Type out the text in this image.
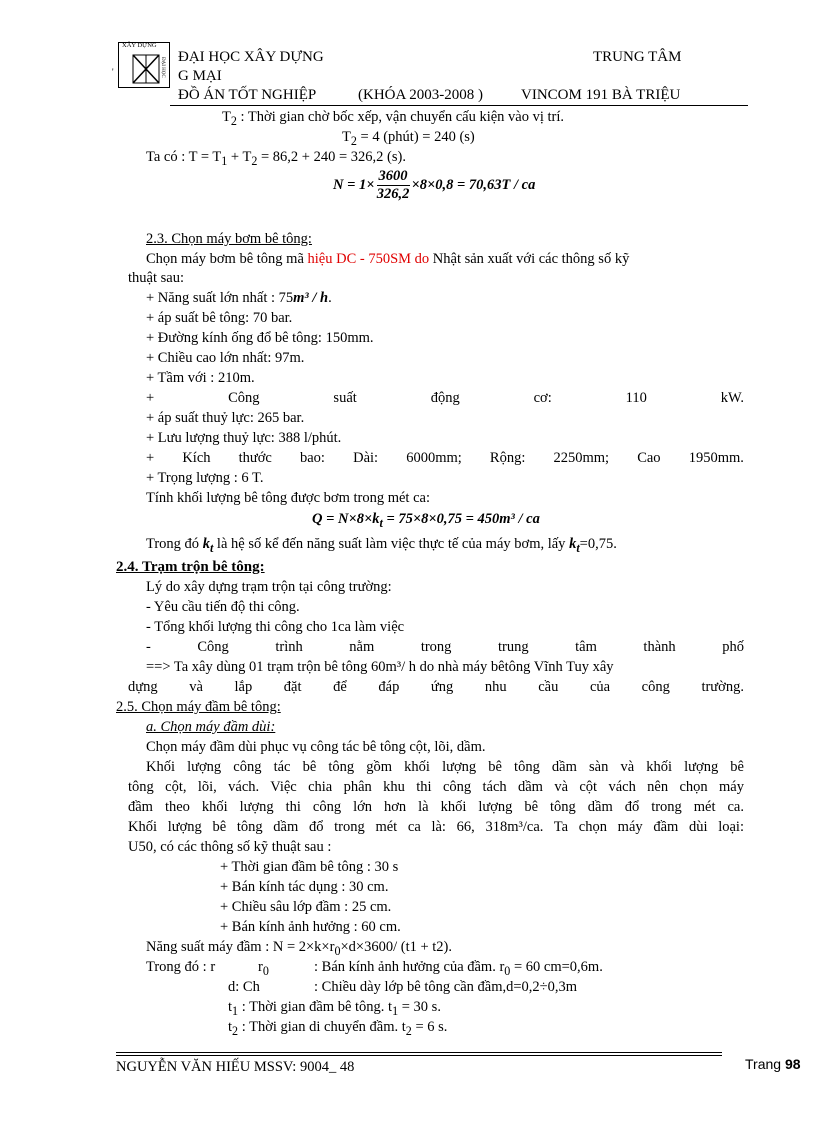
XÂY DỰNG
ĐẠI HỌC
'
ĐẠI HỌC XÂY DỰNG	TRUNG TÂM
G MẠI
ĐỒ ÁN TỐT NGHIỆP	(KHÓA 2003-2008 )	VINCOM 191 BÀ TRIỆU
$T_2$ : Thời gian chờ bốc xếp, vận chuyển cấu kiện vào vị trí.
$T_2 = 4$ (phút) = 240 (s)
Ta có : $T = T_1 + T_2 = 86,2 + 240 = 326,2$ (s).
$N = 1\times \frac{3600}{326,2} \times 8\times 0,8 = 70,63T$ / ca
2.3. Chọn máy bơm bê tông:
Chọn máy bơm bê tông mã hiệu DC - 750SM do Nhật sản xuất với các thông số kỹ
thuật sau:
+ Năng suất lớn nhất : 75m³ / h.
+ áp suất bê tông: 70 bar.
+ Đường kính ống đổ bê tông: 150mm.
+ Chiều cao lớn nhất: 97m.
+ Tầm với : 210m.
+	Công	suất	động	cơ:	110	kW.
+ áp suất thuỷ lực: 265 bar.
+ Lưu lượng thuỷ lực: 388 l/phút.
+ Kích thước bao: Dài: 6000mm; Rộng: 2250mm; Cao 1950mm.
+ Trọng lượng : 6 T.
Tính khối lượng bê tông được bơm trong mét ca:
$Q = N\times 8\times k_t = 75\times 8\times 0,75 = 450m^3$ / ca
Trong đó $k_t$ là hệ số kể đến năng suất làm việc thực tế của máy bơm, lấy $k_t=0,75$.
2.4. Trạm trộn bê tông:
Lý do xây dựng trạm trộn tại công trường:
- Yêu cầu tiến độ thi công.
- Tổng khối lượng thi công cho 1ca làm việc
-	Công	trình	nằm	trong	trung	tâm	thành	phố
==> Ta xây dùng 01 trạm trộn bê tông 60m³/ h do nhà máy bêtông Vĩnh Tuy xây
dựng và lắp đặt để đáp ứng nhu cầu của công trường.
2.5. Chọn máy đầm bê tông:
a. Chọn máy đầm dùi:
Chọn máy đầm dùi phục vụ công tác bê tông cột, lõi, dầm.
Khối lượng công tác bê tông gồm khối lượng bê tông dầm sàn và khối lượng bê
tông cột, lõi, vách. Việc chia phân khu thi công tách dầm và cột vách nên chọn máy
đầm theo khối lượng thi công lớn hơn là khối lượng bê tông dầm đổ trong mét ca.
Khối lượng bê tông dầm đổ trong mét ca là: 66, 318m³/ca. Ta chọn máy đầm dùi loại:
U50, có các thông số kỹ thuật sau :
+ Thời gian đầm bê tông : 30 s
+ Bán kính tác dụng : 30 cm.
+ Chiều sâu lớp đầm : 25 cm.
+ Bán kính ảnh hưởng : 60 cm.
Năng suất máy đầm : $N = 2\times k\times r_0\times d\times 3600/$ (t1 + t2).
Trong đó : r	$r_0$	: Bán kính ảnh hưởng của đầm. $r_0 = 60$ cm=0,6m.
d: Ch	: Chiều dày lớp bê tông cần đầm,d=0,2÷0,3m
$t_1$ : Thời gian đầm bê tông. $t_1 = 30$ s.
$t_2$ : Thời gian di chuyển đầm. $t_2 = 6$ s.
NGUYỄN VĂN HIẾU MSSV: 9004_ 48	Trang 98
